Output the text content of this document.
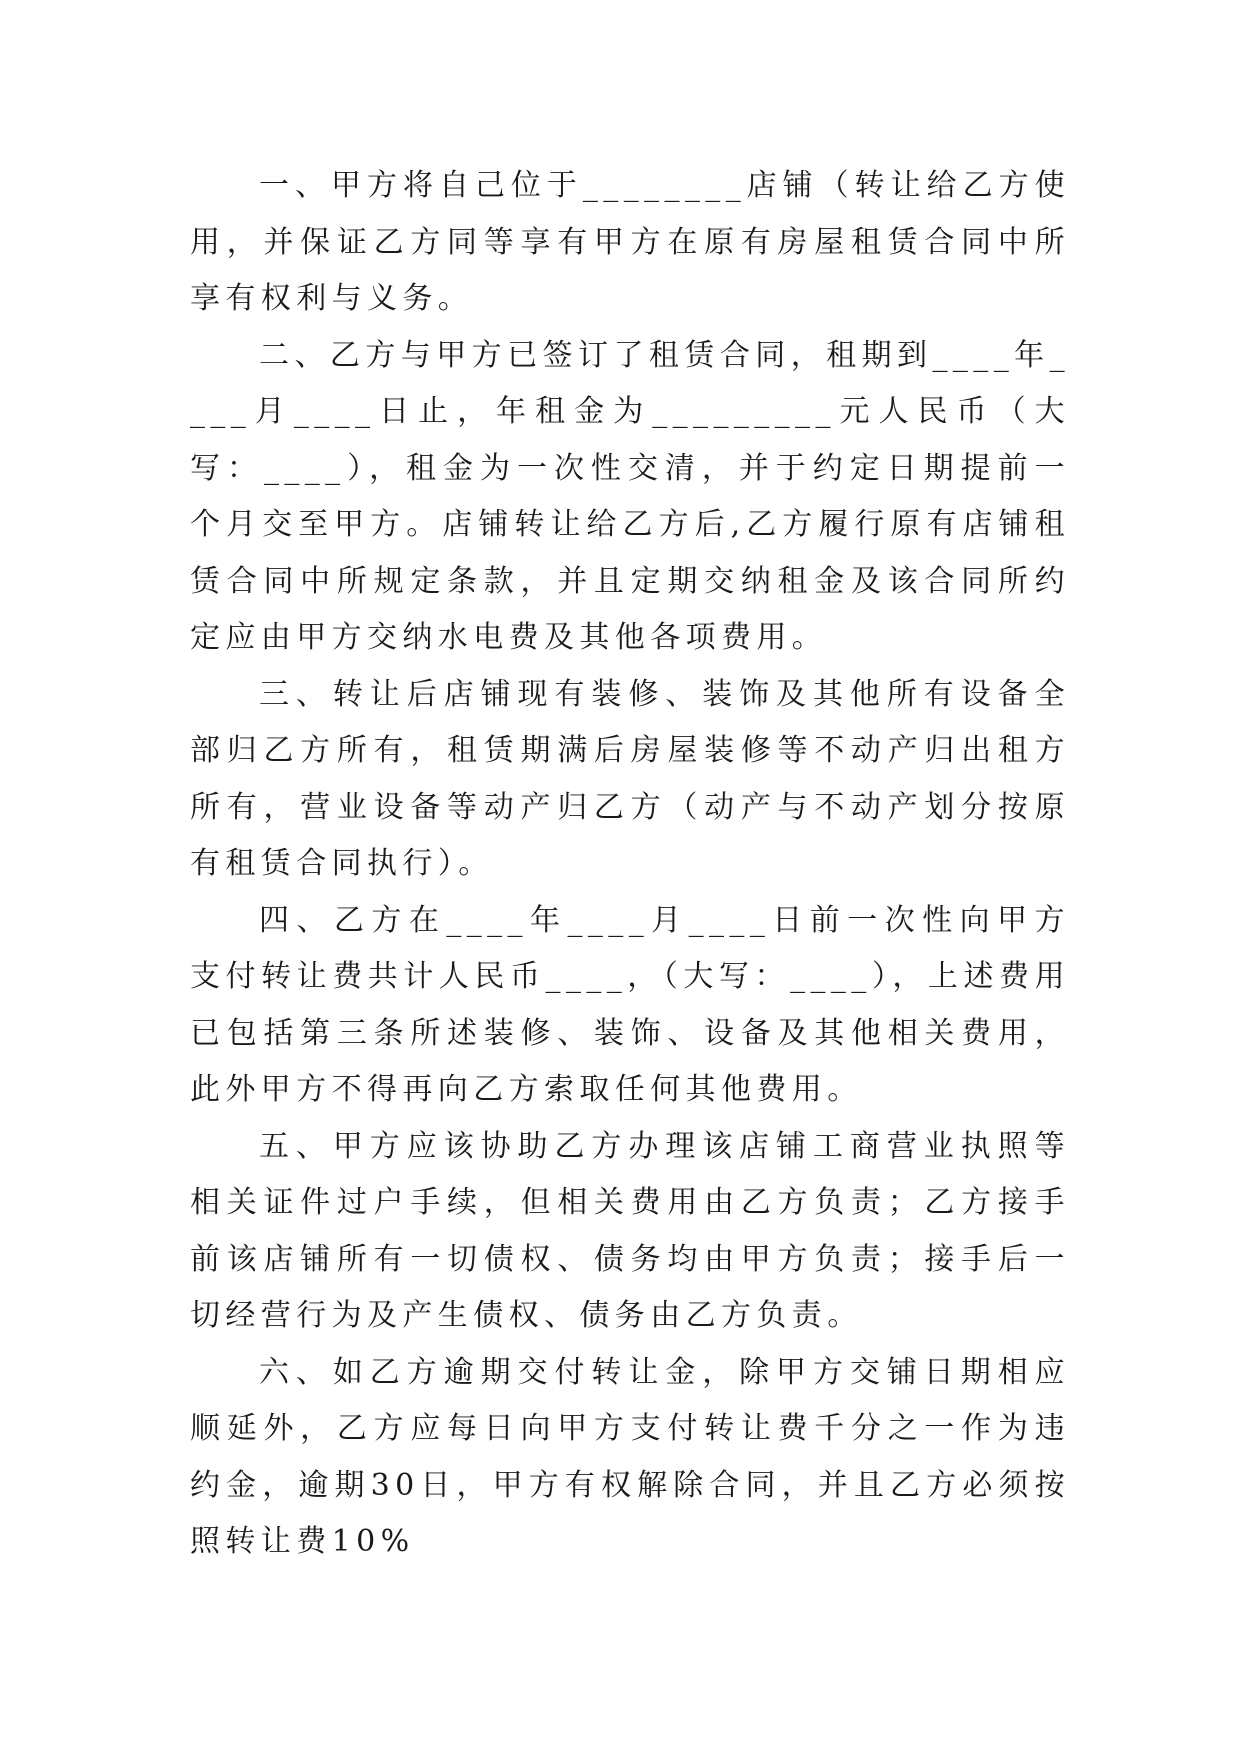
一、甲方将自己位于________店铺（转让给乙方使用，并保证乙方同等享有甲方在原有房屋租赁合同中所享有权利与义务。

二、乙方与甲方已签订了租赁合同，租期到____年____月____日止，年租金为_________元人民币（大写：____），租金为一次性交清，并于约定日期提前一个月交至甲方。店铺转让给乙方后,乙方履行原有店铺租赁合同中所规定条款，并且定期交纳租金及该合同所约定应由甲方交纳水电费及其他各项费用。

三、转让后店铺现有装修、装饰及其他所有设备全部归乙方所有，租赁期满后房屋装修等不动产归出租方所有，营业设备等动产归乙方（动产与不动产划分按原有租赁合同执行）。

四、乙方在____年____月____日前一次性向甲方支付转让费共计人民币____，（大写：____），上述费用已包括第三条所述装修、装饰、设备及其他相关费用，此外甲方不得再向乙方索取任何其他费用。

五、甲方应该协助乙方办理该店铺工商营业执照等相关证件过户手续，但相关费用由乙方负责；乙方接手前该店铺所有一切债权、债务均由甲方负责；接手后一切经营行为及产生债权、债务由乙方负责。

六、如乙方逾期交付转让金，除甲方交铺日期相应顺延外，乙方应每日向甲方支付转让费千分之一作为违约金，逾期30日，甲方有权解除合同，并且乙方必须按照转让费10%
